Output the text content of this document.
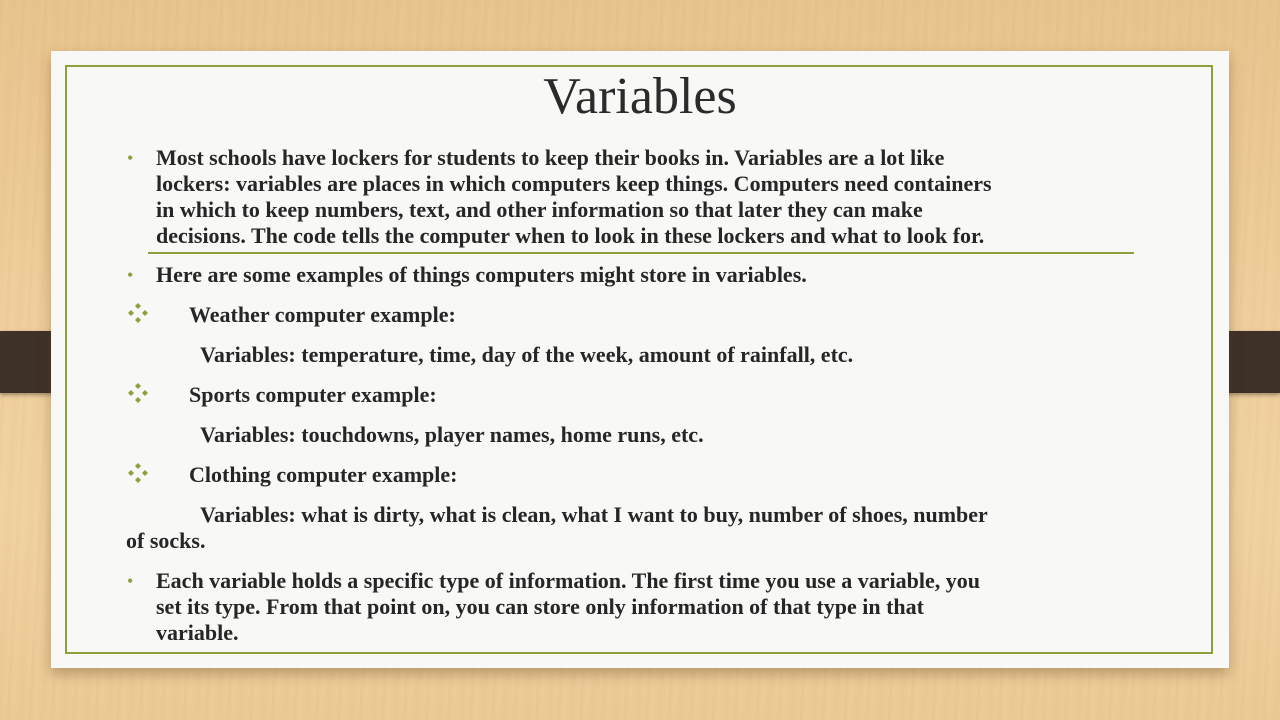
Variables
• Most schools have lockers for students to keep their books in. Variables are a lot like
lockers: variables are places in which computers keep things. Computers need containers
in which to keep numbers, text, and other information so that later they can make
decisions. The code tells the computer when to look in these lockers and what to look for.
• Here are some examples of things computers might store in variables.
Weather computer example:
Variables: temperature, time, day of the week, amount of rainfall, etc.
Sports computer example:
Variables: touchdowns, player names, home runs, etc.
Clothing computer example:
Variables: what is dirty, what is clean, what I want to buy, number of shoes, number
of socks.
• Each variable holds a specific type of information. The first time you use a variable, you
set its type. From that point on, you can store only information of that type in that
variable.
